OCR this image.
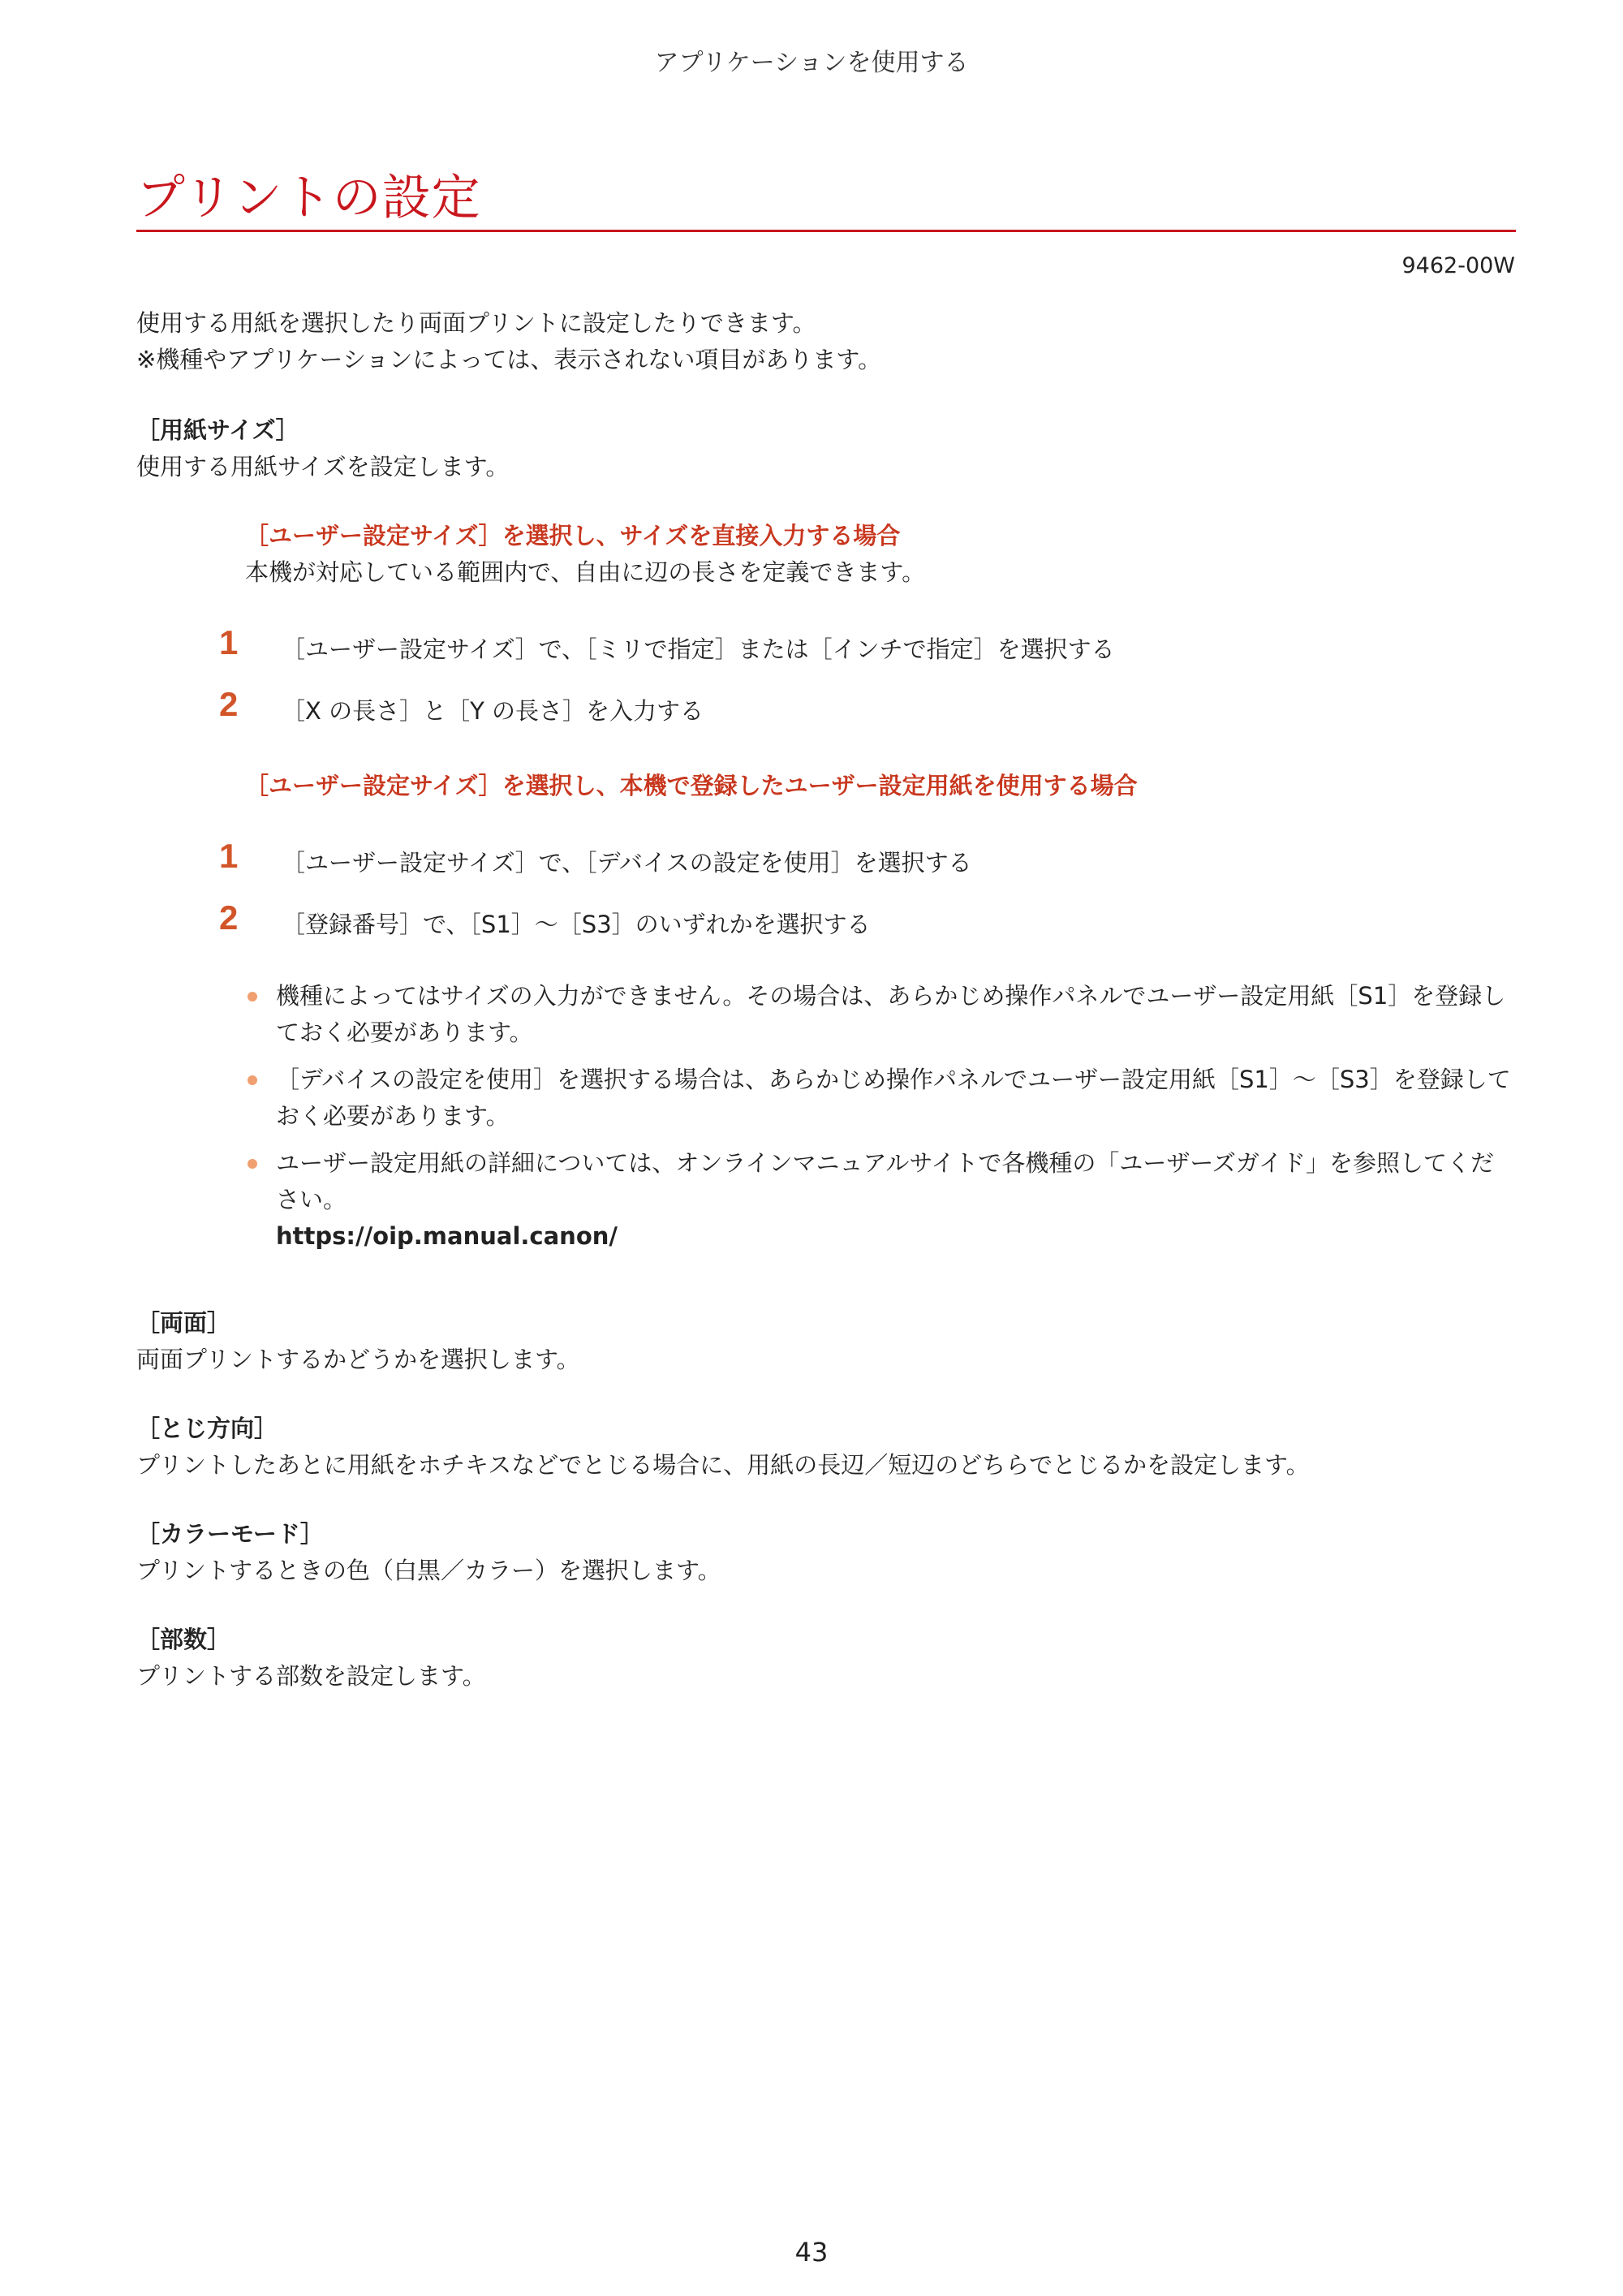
アプリケーションを使用する
プリントの設定
9462-00W

使用する用紙を選択したり両面プリントに設定したりできます。

※機種やアプリケーションによっては、表示されない項目があります。

［用紙サイズ］

使用する用紙サイズを設定します。

［ユーザー設定サイズ］を選択し、サイズを直接入力する場合
本機が対応している範囲内で、自由に辺の長さを定義できます。
1 ［ユーザー設定サイズ］で、［ミリで指定］または［インチで指定］を選択する
2 ［X の長さ］と［Y の長さ］を入力する
［ユーザー設定サイズ］を選択し、本機で登録したユーザー設定用紙を使用する場合
1 ［ユーザー設定サイズ］で、［デバイスの設定を使用］を選択する
2 ［登録番号］で、［S1］～［S3］のいずれかを選択する
機種によってはサイズの入力ができません。その場合は、あらかじめ操作パネルでユーザー設定用紙［S1］を登録しておく必要があります。
［デバイスの設定を使用］を選択する場合は、あらかじめ操作パネルでユーザー設定用紙［S1］～［S3］を登録しておく必要があります。
ユーザー設定用紙の詳細については、オンラインマニュアルサイトで各機種の「ユーザーズガイド」を参照してください。
https://oip.manual.canon/

［両面］

両面プリントするかどうかを選択します。

［とじ方向］

プリントしたあとに用紙をホチキスなどでとじる場合に、用紙の長辺／短辺のどちらでとじるかを設定します。

［カラーモード］

プリントするときの色（白黒／カラー）を選択します。

［部数］

プリントする部数を設定します。

43
